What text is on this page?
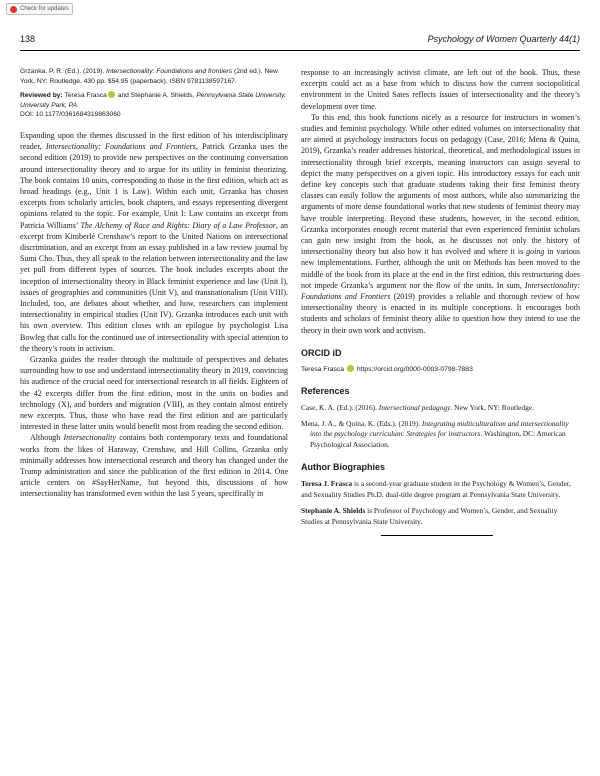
Check for updates
138	Psychology of Women Quarterly 44(1)
Grzanka, P. R. (Ed.). (2019). Intersectionality: Foundations and frontiers (2nd ed.). New York, NY: Routledge. 430 pp. $54.95 (paperback). ISBN 9781138597167.
Reviewed by: Teresa Frasca and Stephanie A. Shields, Pennsylvania State University, University Park, PA
DOI: 10.1177/0361684319863060

Expanding upon the themes discussed in the first edition of his interdisciplinary reader, Intersectionality: Foundations and Frontiers, Patrick Grzanka uses the second edition (2019) to provide new perspectives on the continuing conversation around intersectionality theory and to argue for its utility in feminist theorizing. The book contains 10 units, corresponding to those in the first edition, which act as broad headings (e.g., Unit 1 is Law). Within each unit, Grzanka has chosen excerpts from scholarly articles, book chapters, and essays representing divergent opinions related to the topic. For example, Unit I: Law contains an excerpt from Patricia Williams’ The Alchemy of Race and Rights: Diary of a Law Professor, an excerpt from Kimberlé Crenshaw’s report to the United Nations on intersectional discrimination, and an excerpt from an essay published in a law review journal by Sumi Cho. Thus, they all speak to the relation between intersectionality and the law yet pull from different types of sources. The book includes excerpts about the inception of intersectionality theory in Black feminist experience and law (Unit I), issues of geographies and communities (Unit V), and transnationalism (Unit VIII). Included, too, are debates about whether, and how, researchers can implement intersectionality in empirical studies (Unit IV). Grzanka introduces each unit with his own overview. This edition closes with an epilogue by psychologist Lisa Bowleg that calls for the continued use of intersectionality with special attention to the theory’s roots in activism.

Grzanka guides the reader through the multitude of perspectives and debates surrounding how to use and understand intersectionality theory in 2019, convincing his audience of the crucial need for intersectional research in all fields. Eighteen of the 42 excerpts differ from the first edition, most in the units on bodies and technology (X), and borders and migration (VIII), as they contain almost entirely new excerpts. Thus, those who have read the first edition and are particularly interested in these latter units would benefit most from reading the second edition.

Although Intersectionality contains both contemporary texts and foundational works from the likes of Haraway, Crenshaw, and Hill Collins, Grzanka only minimally addresses how intersectional research and theory has changed under the Trump administration and since the publication of the first edition in 2014. One article centers on #SayHerName, but beyond this, discussions of how intersectionality has transformed even within the last 5 years, specifically in

response to an increasingly activist climate, are left out of the book. Thus, these excerpts could act as a base from which to discuss how the current sociopolitical environment in the United Sates reflects issues of intersectionality and the theory’s development over time.

To this end, this book functions nicely as a resource for instructors in women’s studies and feminist psychology. While other edited volumes on intersectionality that are aimed at psychology instructors focus on pedagogy (Case, 2016; Mena & Quina, 2019), Grzanka’s reader addresses historical, theoretical, and methodological issues in intersectionality through brief excerpts, meaning instructors can assign several to depict the many perspectives on a given topic. His introductory essays for each unit define key concepts such that graduate students taking their first feminist theory classes can easily follow the arguments of most authors, while also summarizing the arguments of more dense foundational works that new students of feminist theory may have trouble interpreting. Beyond these students, however, in the second edition, Grzanka incorporates enough recent material that even experienced feminist scholars can gain new insight from the book, as he discusses not only the history of intersectionality theory but also how it has evolved and where it is going in various new implementations. Further, although the unit on Methods has been moved to the middle of the book from its place at the end in the first edition, this restructuring does not impede Grzanka’s argument nor the flow of the units. In sum, Intersectionality: Foundations and Frontiers (2019) provides a reliable and thorough review of how intersectionality theory is enacted in its multiple conceptions. It encourages both students and scholars of feminist theory alike to question how they intend to use the theory in their own work and activism.

ORCID iD
Teresa Frasca https://orcid.org/0000-0003-0798-7883
References
Case, K. A. (Ed.). (2016). Intersectional pedagogy. New York, NY: Routledge.
Mena, J. A., & Quina, K. (Eds.). (2019). Integrating multiculturalism and intersectionality into the psychology curriculum: Strategies for instructors. Washington, DC: American Psychological Association.
Author Biographies
Teresa J. Frasca is a second-year graduate student in the Psychology & Women’s, Gender, and Sexuality Studies Ph.D. dual-title degree program at Pennsylvania State University.
Stephanie A. Shields is Professor of Psychology and Women’s, Gender, and Sexuality Studies at Pennsylvania State University.
